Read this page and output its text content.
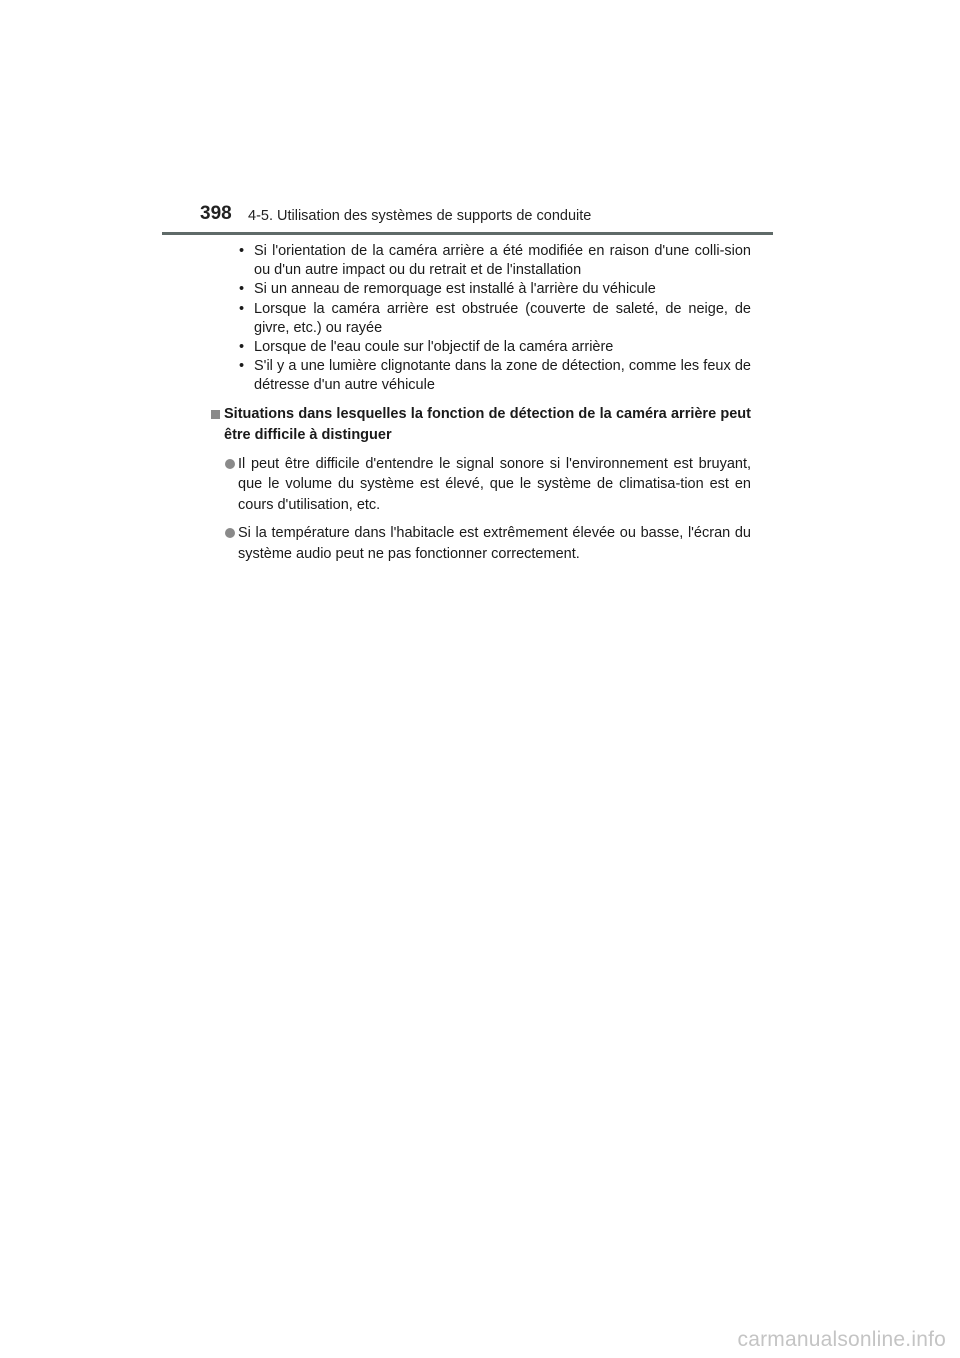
398 4-5. Utilisation des systèmes de supports de conduite
• Si l'orientation de la caméra arrière a été modifiée en raison d'une colli-sion ou d'un autre impact ou du retrait et de l'installation
• Si un anneau de remorquage est installé à l'arrière du véhicule
• Lorsque la caméra arrière est obstruée (couverte de saleté, de neige, de givre, etc.) ou rayée
• Lorsque de l'eau coule sur l'objectif de la caméra arrière
• S'il y a une lumière clignotante dans la zone de détection, comme les feux de détresse d'un autre véhicule
Situations dans lesquelles la fonction de détection de la caméra arrière peut être difficile à distinguer
Il peut être difficile d'entendre le signal sonore si l'environnement est bruyant, que le volume du système est élevé, que le système de climatisa-tion est en cours d'utilisation, etc.
Si la température dans l'habitacle est extrêmement élevée ou basse, l'écran du système audio peut ne pas fonctionner correctement.
carmanualsonline.info
